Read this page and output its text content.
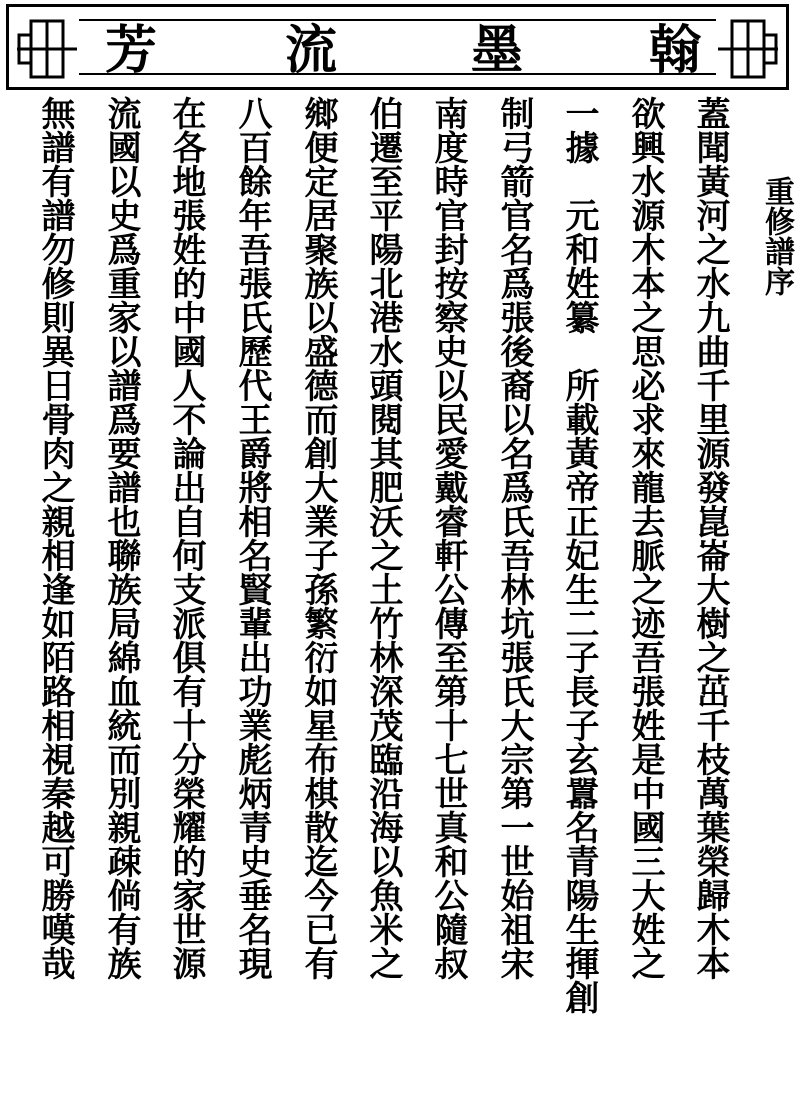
芳 流	墨 翰
重修譜序
蓋聞黃河之水九曲千里源發崑崙大樹之茁千枝萬葉榮歸木本
欲興水源木本之思必求來龍去脈之迹吾張姓是中國三大姓之
一據　元和姓纂　所載黃帝正妃生二子長子玄囂名青陽生揮創
制弓箭官名爲張後裔以名爲氏吾林坑張氏大宗第一世始祖宋
南度時官封按察史以民愛戴睿軒公傳至第十七世真和公隨叔
伯遷至平陽北港水頭閱其肥沃之土竹林深茂臨沿海以魚米之
鄉便定居聚族以盛德而創大業子孫繁衍如星布棋散迄今已有
八百餘年吾張氏歷代王爵將相名賢輩出功業彪炳青史垂名現
在各地張姓的中國人不論出自何支派俱有十分榮耀的家世源
流國以史爲重家以譜爲要譜也聯族局綿血統而別親疎倘有族
無譜有譜勿修則異日骨肉之親相逢如陌路相視秦越可勝嘆哉
